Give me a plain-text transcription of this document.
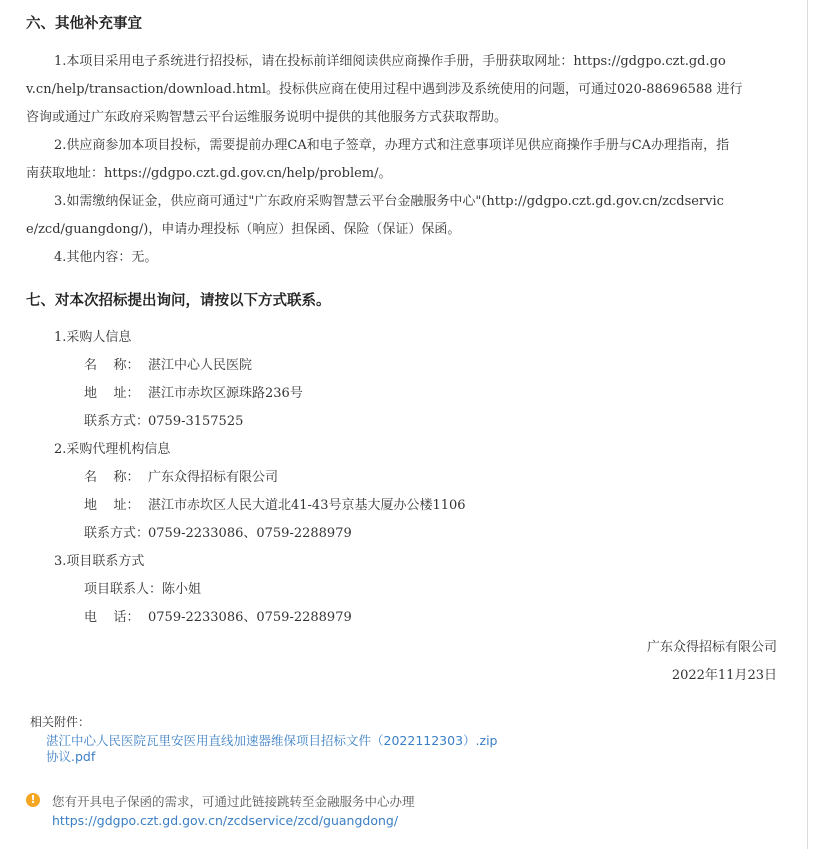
六、其他补充事宜
1.本项目采用电子系统进行招投标，请在投标前详细阅读供应商操作手册，手册获取网址：https://gdgpo.czt.gd.go
v.cn/help/transaction/download.html。投标供应商在使用过程中遇到涉及系统使用的问题，可通过020-88696588 进行
咨询或通过广东政府采购智慧云平台运维服务说明中提供的其他服务方式获取帮助。
2.供应商参加本项目投标，需要提前办理CA和电子签章，办理方式和注意事项详见供应商操作手册与CA办理指南，指
南获取地址：https://gdgpo.czt.gd.gov.cn/help/problem/。
3.如需缴纳保证金，供应商可通过"广东政府采购智慧云平台金融服务中心"(http://gdgpo.czt.gd.gov.cn/zcdservic
e/zcd/guangdong/)，申请办理投标（响应）担保函、保险（保证）保函。
4.其他内容：无。
七、对本次招标提出询问，请按以下方式联系。
1.采购人信息
名    称： 湛江中心人民医院
地    址： 湛江市赤坎区源珠路236号
联系方式：0759-3157525
2.采购代理机构信息
名    称： 广东众得招标有限公司
地    址： 湛江市赤坎区人民大道北41-43号京基大厦办公楼1106
联系方式：0759-2233086、0759-2288979
3.项目联系方式
项目联系人：陈小姐
电    话： 0759-2233086、0759-2288979
广东众得招标有限公司
2022年11月23日
相关附件：
湛江中心人民医院瓦里安医用直线加速器维保项目招标文件（2022112303）.zip
协议.pdf
!	您有开具电子保函的需求，可通过此链接跳转至金融服务中心办理
https://gdgpo.czt.gd.gov.cn/zcdservice/zcd/guangdong/
